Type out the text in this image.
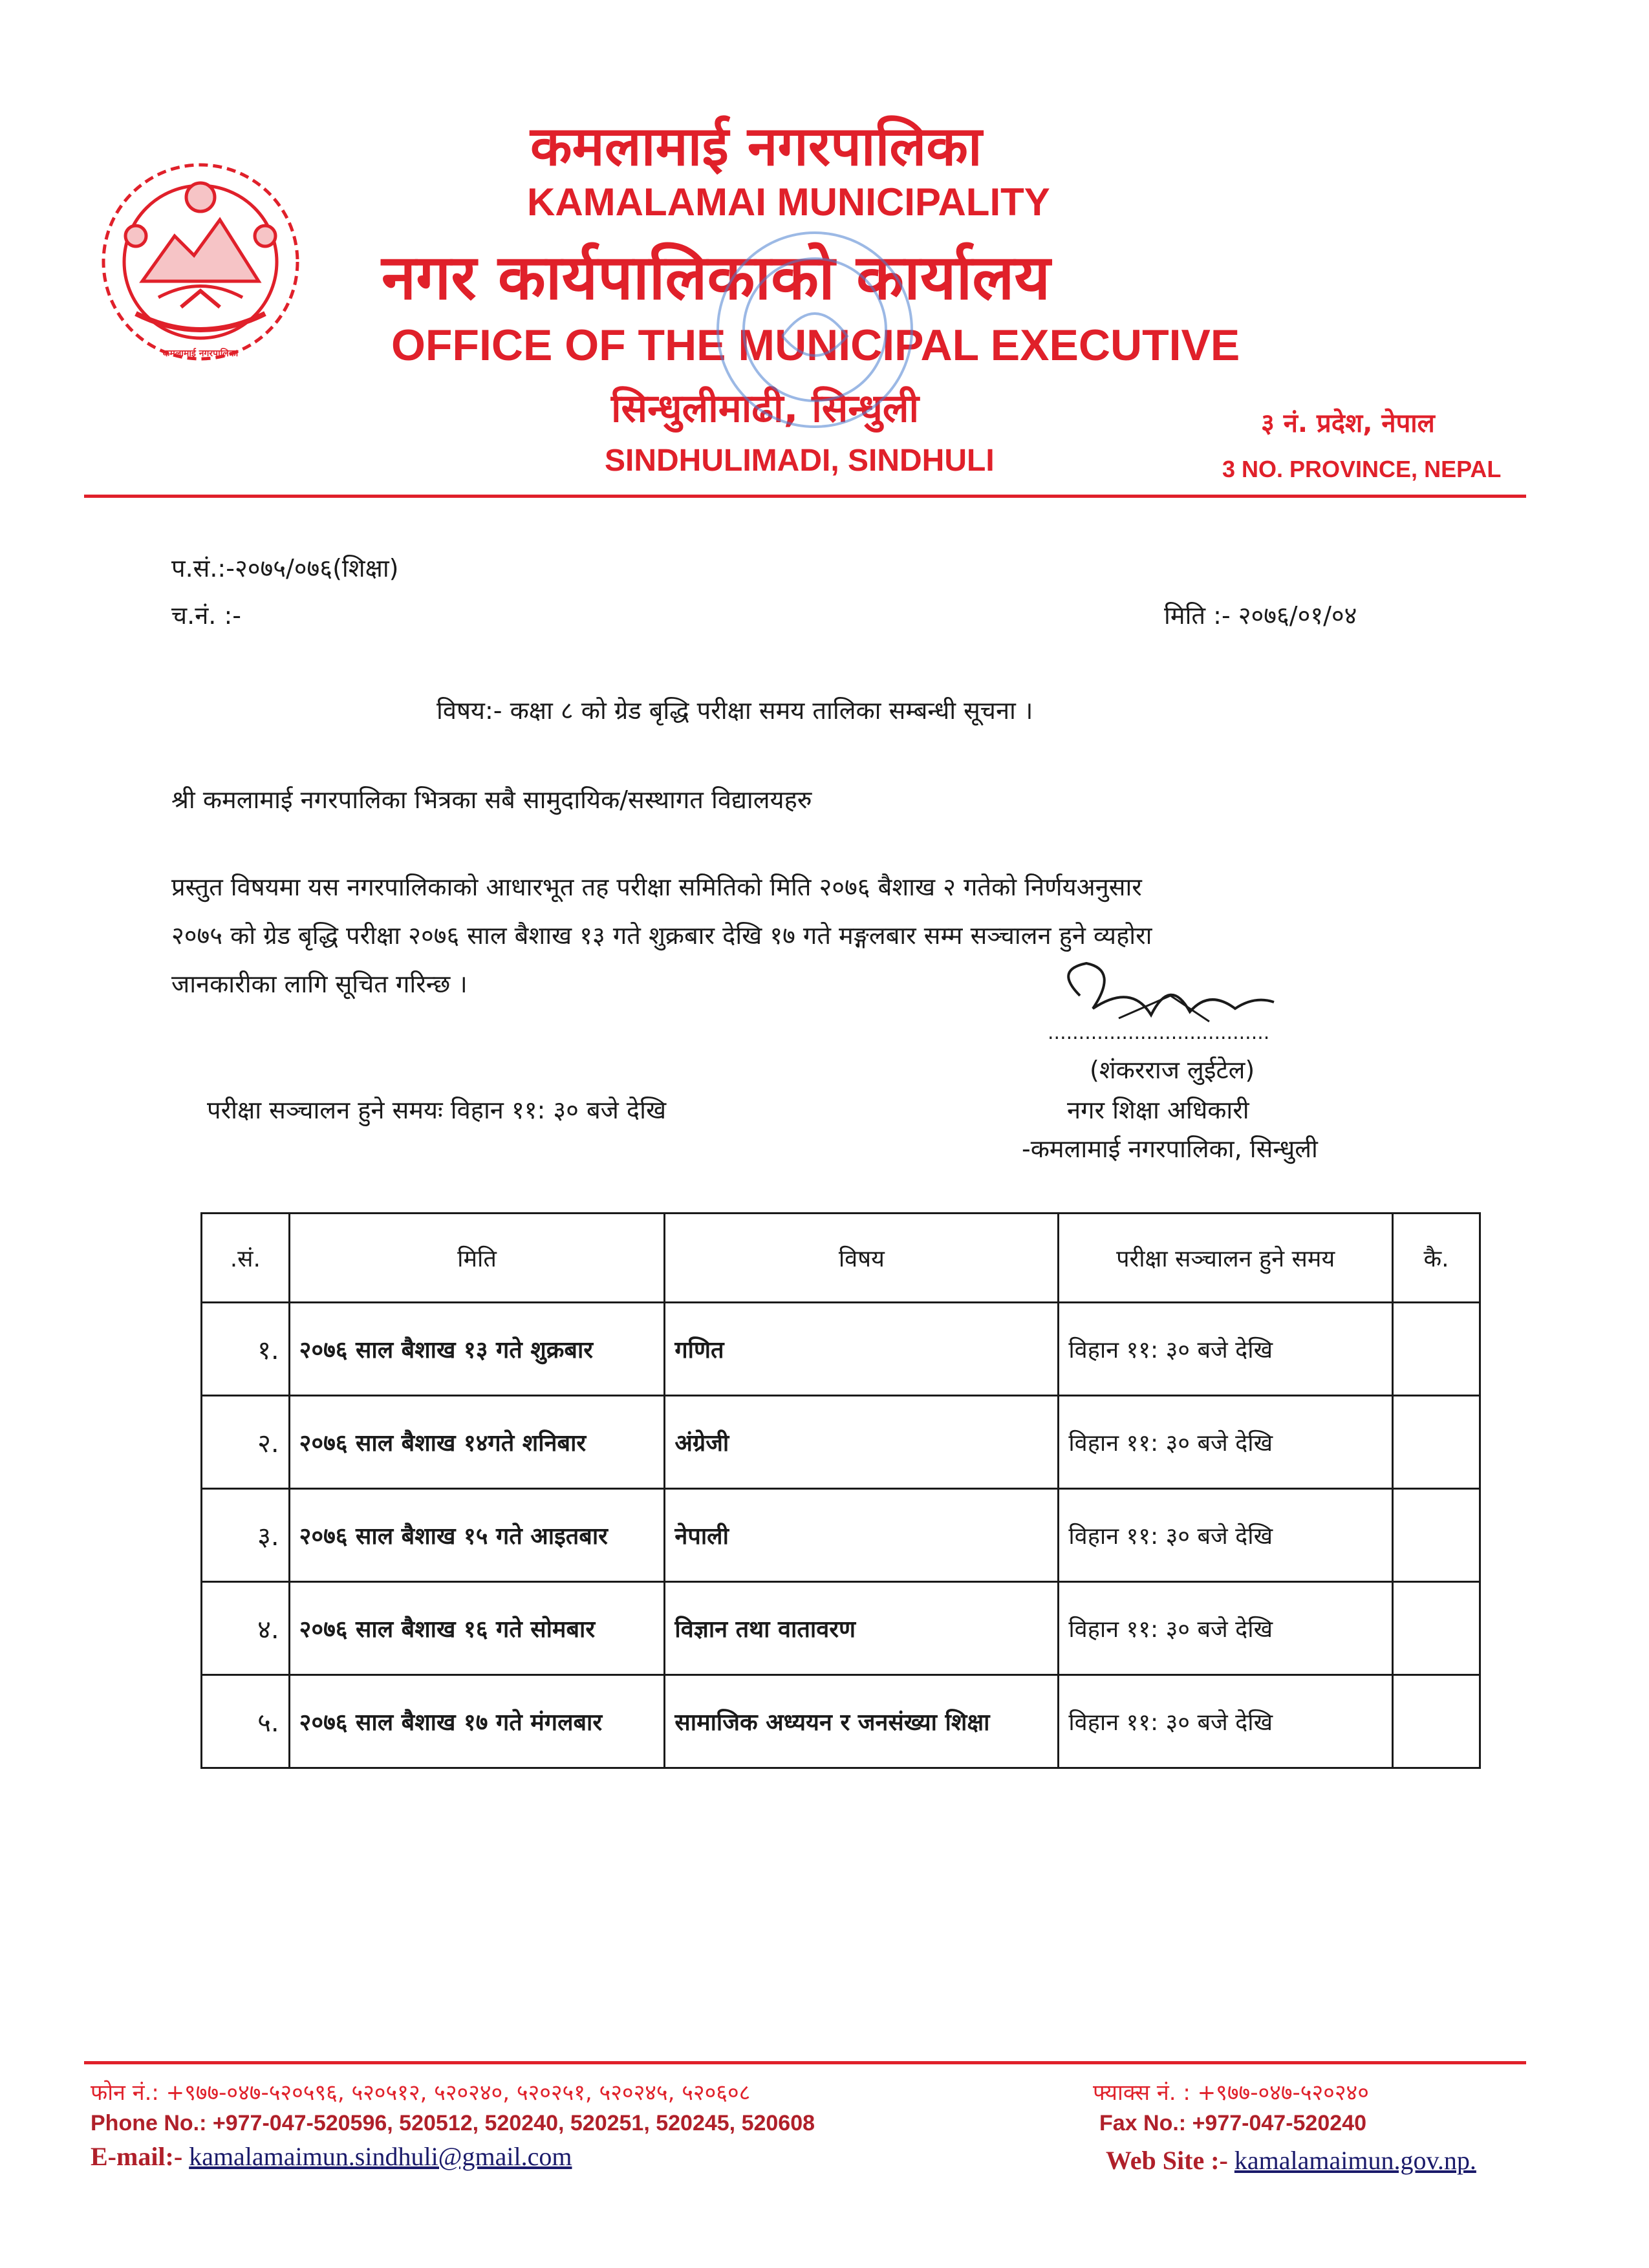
कमलामाई नगरपालिका
कमलामाई नगरपालिका
KAMALAMAI MUNICIPALITY
नगर कार्यपालिकाको कार्यालय
OFFICE OF THE MUNICIPAL EXECUTIVE
सिन्धुलीमाढी, सिन्धुली
SINDHULIMADI, SINDHULI
३ नं. प्रदेश, नेपाल
3 NO. PROVINCE, NEPAL
प.सं.:-२०७५/०७६(शिक्षा)
च.नं. :-	मिति :- २०७६/०१/०४
विषय:- कक्षा ८ को ग्रेड बृद्धि परीक्षा समय तालिका सम्बन्धी सूचना ।
श्री कमलामाई नगरपालिका भित्रका सबै सामुदायिक/सस्थागत विद्यालयहरु
प्रस्तुत विषयमा यस नगरपालिकाको आधारभूत तह परीक्षा समितिको मिति २०७६ बैशाख २ गतेको निर्णयअनुसार
२०७५ को ग्रेड बृद्धि परीक्षा २०७६ साल बैशाख १३ गते शुक्रबार देखि १७ गते मङ्गलबार सम्म सञ्चालन हुने व्यहोरा
जानकारीका लागि सूचित गरिन्छ ।
....................................
(शंकरराज लुईटेल)
नगर शिक्षा अधिकारी
-कमलामाई नगरपालिका, सिन्धुली
परीक्षा सञ्चालन हुने समयः विहान ११: ३० बजे देखि
.सं.	मिति	विषय	परीक्षा सञ्चालन हुने समय	कै.
१.	२०७६ साल बैशाख १३ गते शुक्रबार	गणित	विहान ११: ३० बजे देखि	
२.	२०७६ साल बैशाख १४गते शनिबार	अंग्रेजी	विहान ११: ३० बजे देखि	
३.	२०७६ साल बैशाख १५ गते आइतबार	नेपाली	विहान ११: ३० बजे देखि	
४.	२०७६ साल बैशाख १६ गते सोमबार	विज्ञान तथा वातावरण	विहान ११: ३० बजे देखि	
५.	२०७६ साल बैशाख १७ गते मंगलबार	सामाजिक अध्ययन र जनसंख्या शिक्षा	विहान ११: ३० बजे देखि	
फोन नं.: +९७७-०४७-५२०५९६, ५२०५१२, ५२०२४०, ५२०२५१, ५२०२४५, ५२०६०८
Phone No.: +977-047-520596, 520512, 520240, 520251, 520245, 520608
E-mail:- kamalamaimun.sindhuli@gmail.com
फ्याक्स नं. : +९७७-०४७-५२०२४०
Fax No.: +977-047-520240
Web Site :- kamalamaimun.gov.np.
